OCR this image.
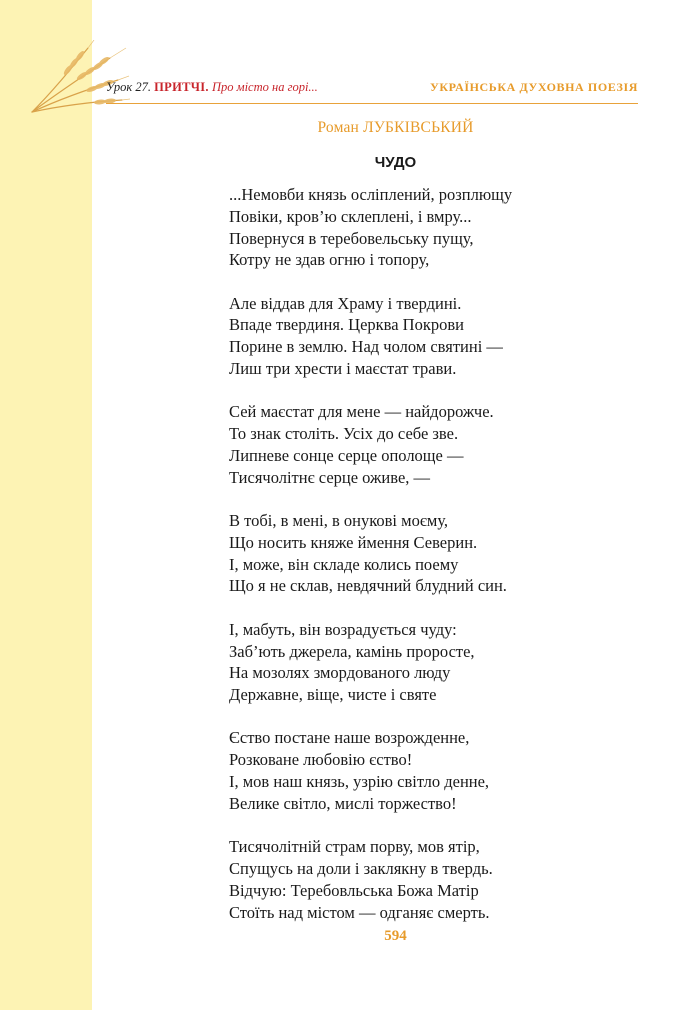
Урок 27. ПРИТЧІ. Про місто на горі...	УКРАЇНСЬКА ДУХОВНА ПОЕЗІЯ
Роман ЛУБКІВСЬКИЙ
ЧУДО
...Немовби князь осліплений, розплющу
Повіки, кров’ю склеплені, і вмру...
Повернуся в теребовельську пущу,
Котру не здав огню і топору,
Але віддав для Храму і твердині.
Впаде твердиня. Церква Покрови
Порине в землю. Над чолом святині —
Лиш три хрести і маєстат трави.
Сей маєстат для мене — найдорожче.
То знак століть. Усіх до себе зве.
Липневе сонце серце ополоще —
Тисячолітнє серце оживе, —
В тобі, в мені, в онукові моєму,
Що носить княже ймення Северин.
І, може, він складе колись поему
Що я не склав, невдячний блудний син.
І, мабуть, він возрадується чуду:
Заб’ють джерела, камінь проросте,
На мозолях змордованого люду
Державне, віще, чисте і святе
Єство постане наше возрожденне,
Розковане любовію єство!
І, мов наш князь, узрію світло денне,
Велике світло, мислі торжество!
Тисячолітній страм порву, мов ятір,
Спущусь на доли і заклякну в твердь.
Відчую: Теребовльська Божа Матір
Стоїть над містом — одганяє смерть.
594
